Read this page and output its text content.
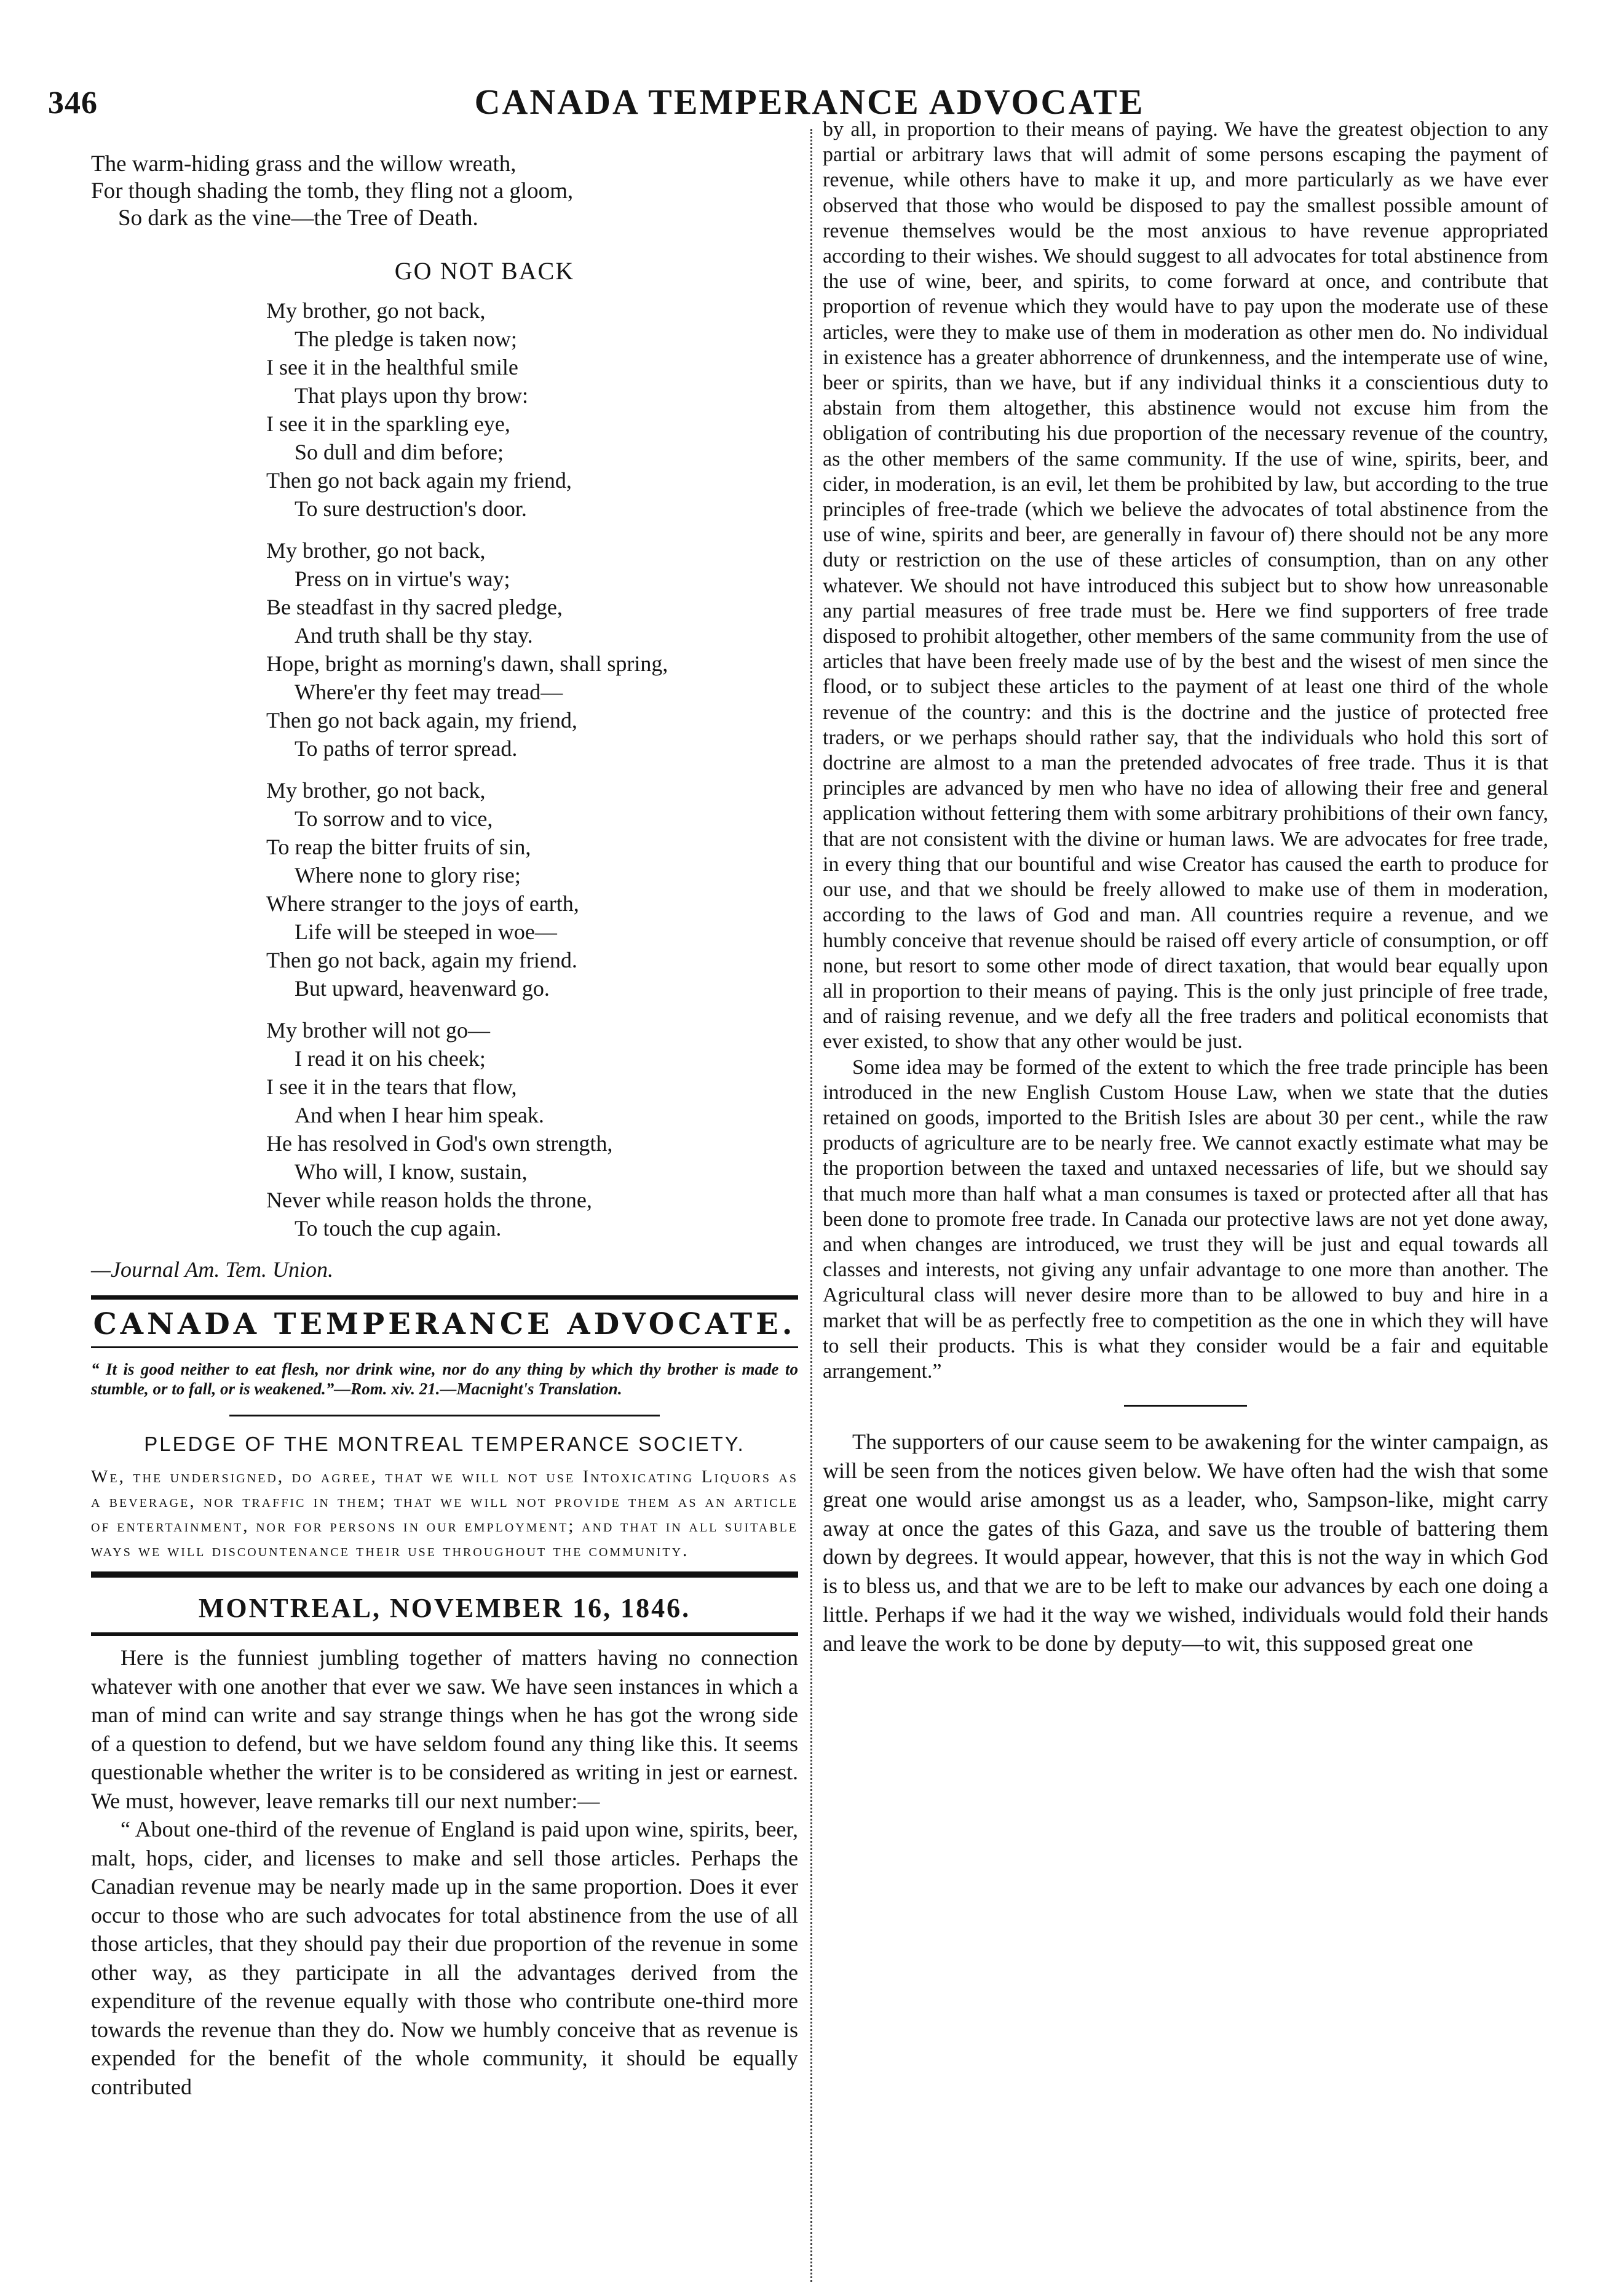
346	CANADA TEMPERANCE ADVOCATE
The warm-hiding grass and the willow wreath,
For though shading the tomb, they fling not a gloom,
So dark as the vine—the Tree of Death.
GO NOT BACK
My brother, go not back,
The pledge is taken now;
I see it in the healthful smile
That plays upon thy brow:
I see it in the sparkling eye,
So dull and dim before;
Then go not back again my friend,
To sure destruction's door.
My brother, go not back,
Press on in virtue's way;
Be steadfast in thy sacred pledge,
And truth shall be thy stay.
Hope, bright as morning's dawn, shall spring,
Where'er thy feet may tread—
Then go not back again, my friend,
To paths of terror spread.
My brother, go not back,
To sorrow and to vice,
To reap the bitter fruits of sin,
Where none to glory rise;
Where stranger to the joys of earth,
Life will be steeped in woe—
Then go not back, again my friend.
But upward, heavenward go.
My brother will not go—
I read it on his cheek;
I see it in the tears that flow,
And when I hear him speak.
He has resolved in God's own strength,
Who will, I know, sustain,
Never while reason holds the throne,
To touch the cup again.
—Journal Am. Tem. Union.
CANADA TEMPERANCE ADVOCATE.
“ It is good neither to eat flesh, nor drink wine, nor do any thing by which thy brother is made to stumble, or to fall, or is weakened.”—Rom. xiv. 21.—Macnight's Translation.
PLEDGE OF THE MONTREAL TEMPERANCE SOCIETY.
We, the undersigned, do agree, that we will not use Intoxicating Liquors as a beverage, nor traffic in them; that we will not provide them as an article of entertainment, nor for persons in our employment; and that in all suitable ways we will discountenance their use throughout the community.
MONTREAL, NOVEMBER 16, 1846.

Here is the funniest jumbling together of matters having no connection whatever with one another that ever we saw. We have seen instances in which a man of mind can write and say strange things when he has got the wrong side of a question to defend, but we have seldom found any thing like this. It seems questionable whether the writer is to be considered as writing in jest or earnest. We must, however, leave remarks till our next number:—

“ About one-third of the revenue of England is paid upon wine, spirits, beer, malt, hops, cider, and licenses to make and sell those articles. Perhaps the Canadian revenue may be nearly made up in the same proportion. Does it ever occur to those who are such advocates for total abstinence from the use of all those articles, that they should pay their due proportion of the revenue in some other way, as they participate in all the advantages derived from the expenditure of the revenue equally with those who contribute one-third more towards the revenue than they do. Now we humbly conceive that as revenue is expended for the benefit of the whole community, it should be equally contributed

by all, in proportion to their means of paying. We have the greatest objection to any partial or arbitrary laws that will admit of some persons escaping the payment of revenue, while others have to make it up, and more particularly as we have ever observed that those who would be disposed to pay the smallest possible amount of revenue themselves would be the most anxious to have revenue appropriated according to their wishes. We should suggest to all advocates for total abstinence from the use of wine, beer, and spirits, to come forward at once, and contribute that proportion of revenue which they would have to pay upon the moderate use of these articles, were they to make use of them in moderation as other men do. No individual in existence has a greater abhorrence of drunkenness, and the intemperate use of wine, beer or spirits, than we have, but if any individual thinks it a conscientious duty to abstain from them altogether, this abstinence would not excuse him from the obligation of contributing his due proportion of the necessary revenue of the country, as the other members of the same community. If the use of wine, spirits, beer, and cider, in moderation, is an evil, let them be prohibited by law, but according to the true principles of free-trade (which we believe the advocates of total abstinence from the use of wine, spirits and beer, are generally in favour of) there should not be any more duty or restriction on the use of these articles of consumption, than on any other whatever. We should not have introduced this subject but to show how unreasonable any partial measures of free trade must be. Here we find supporters of free trade disposed to prohibit altogether, other members of the same community from the use of articles that have been freely made use of by the best and the wisest of men since the flood, or to subject these articles to the payment of at least one third of the whole revenue of the country: and this is the doctrine and the justice of protected free traders, or we perhaps should rather say, that the individuals who hold this sort of doctrine are almost to a man the pretended advocates of free trade. Thus it is that principles are advanced by men who have no idea of allowing their free and general application without fettering them with some arbitrary prohibitions of their own fancy, that are not consistent with the divine or human laws. We are advocates for free trade, in every thing that our bountiful and wise Creator has caused the earth to produce for our use, and that we should be freely allowed to make use of them in moderation, according to the laws of God and man. All countries require a revenue, and we humbly conceive that revenue should be raised off every article of consumption, or off none, but resort to some other mode of direct taxation, that would bear equally upon all in proportion to their means of paying. This is the only just principle of free trade, and of raising revenue, and we defy all the free traders and political economists that ever existed, to show that any other would be just.

Some idea may be formed of the extent to which the free trade principle has been introduced in the new English Custom House Law, when we state that the duties retained on goods, imported to the British Isles are about 30 per cent., while the raw products of agriculture are to be nearly free. We cannot exactly estimate what may be the proportion between the taxed and untaxed necessaries of life, but we should say that much more than half what a man consumes is taxed or protected after all that has been done to promote free trade. In Canada our protective laws are not yet done away, and when changes are introduced, we trust they will be just and equal towards all classes and interests, not giving any unfair advantage to one more than another. The Agricultural class will never desire more than to be allowed to buy and hire in a market that will be as perfectly free to competition as the one in which they will have to sell their products. This is what they consider would be a fair and equitable arrangement.”

The supporters of our cause seem to be awakening for the winter campaign, as will be seen from the notices given below. We have often had the wish that some great one would arise amongst us as a leader, who, Sampson-like, might carry away at once the gates of this Gaza, and save us the trouble of battering them down by degrees. It would appear, however, that this is not the way in which God is to bless us, and that we are to be left to make our advances by each one doing a little. Perhaps if we had it the way we wished, individuals would fold their hands and leave the work to be done by deputy—to wit, this supposed great one
